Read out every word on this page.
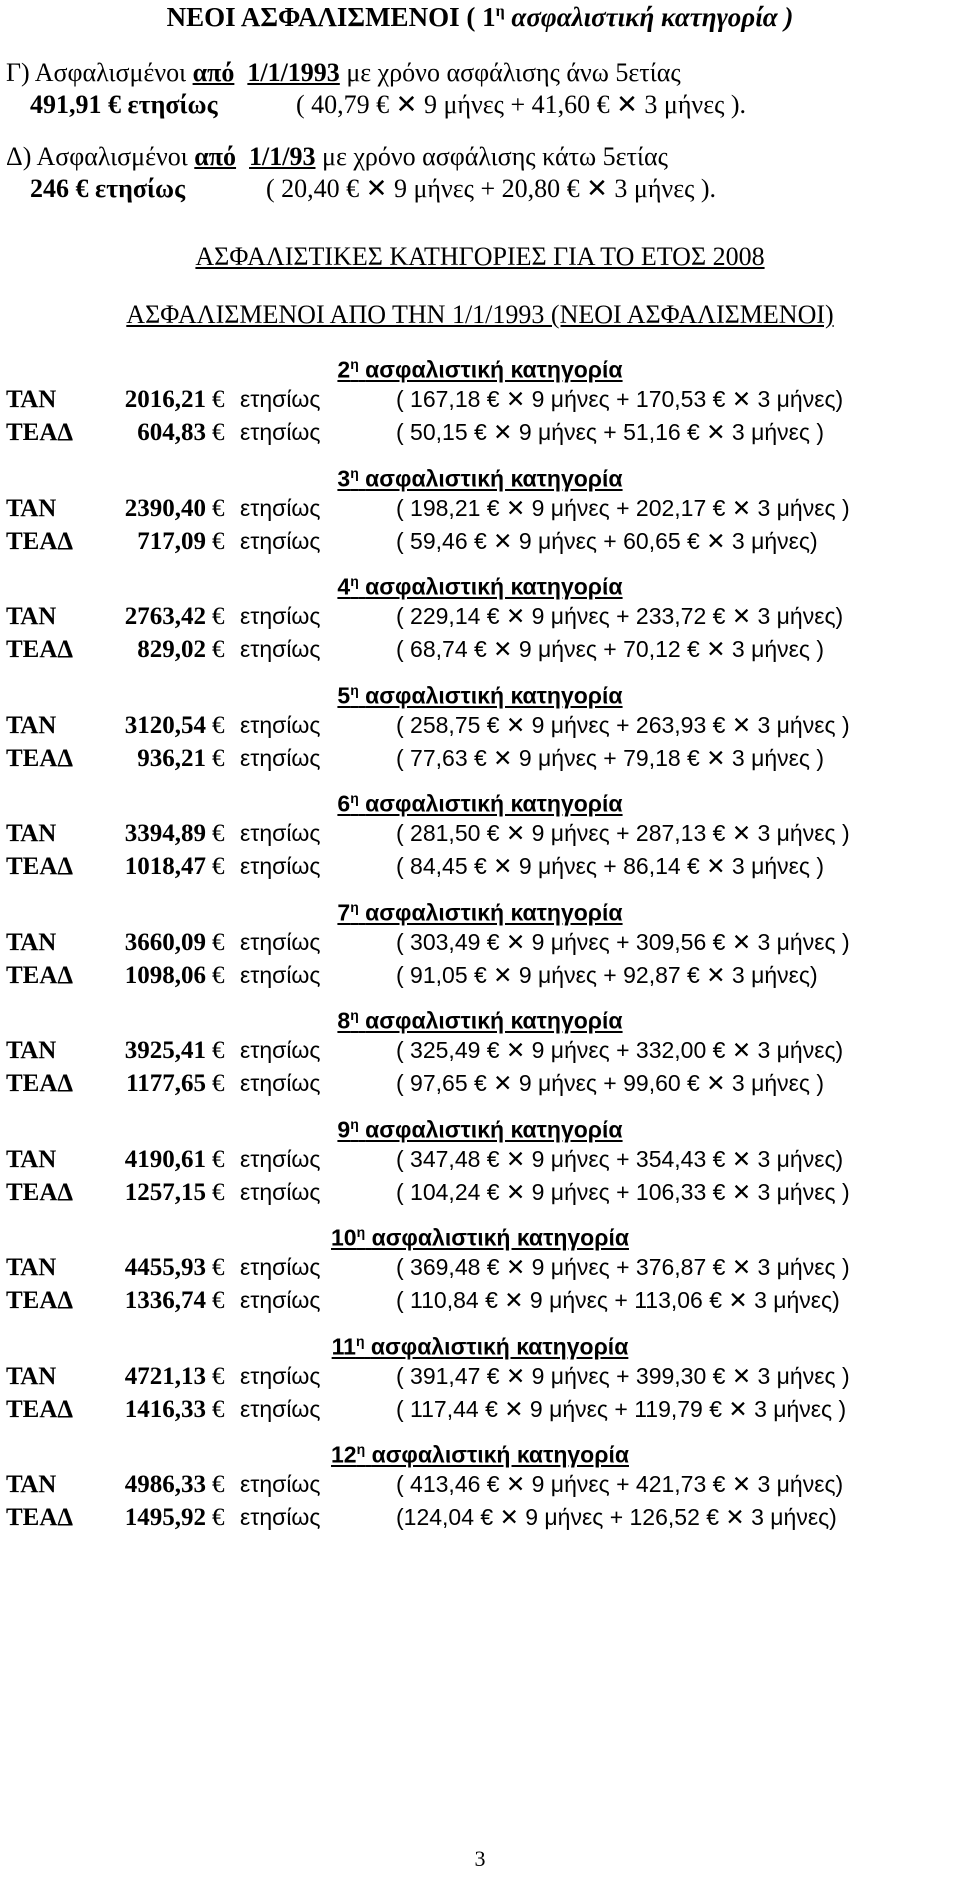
ΝΕΟΙ ΑΣΦΑΛΙΣΜΕΝΟΙ ( $1^\eta$ ασφαλιστική κατηγορία )
Γ) Ασφαλισμένοι από 1/1/1993 με χρόνο ασφάλισης άνω 5ετίας
491,91 € ετησίως	( 40,79 € ✕ 9 μήνες + 41,60 € ✕ 3 μήνες ).
Δ) Ασφαλισμένοι από 1/1/93 με χρόνο ασφάλισης κάτω 5ετίας
246 € ετησίως	( 20,40 € ✕ 9 μήνες + 20,80 € ✕ 3 μήνες ).
ΑΣΦΑΛΙΣΤΙΚΕΣ ΚΑΤΗΓΟΡΙΕΣ ΓΙΑ ΤΟ ΕΤΟΣ 2008
ΑΣΦΑΛΙΣΜΕΝΟΙ ΑΠΟ ΤΗΝ 1/1/1993 (ΝΕΟΙ ΑΣΦΑΛΙΣΜΕΝΟΙ)
$2^\eta$ ασφαλιστική κατηγορία
ΤΑΝ	2016,21 € ετησίως	( 167,18 € ✕ 9 μήνες + 170,53 € ✕ 3 μήνες)
ΤΕΑΔ	604,83 € ετησίως	( 50,15 € ✕ 9 μήνες + 51,16 € ✕ 3 μήνες )
$3^\eta$ ασφαλιστική κατηγορία
ΤΑΝ	2390,40 € ετησίως	( 198,21 € ✕ 9 μήνες + 202,17 € ✕ 3 μήνες )
ΤΕΑΔ	717,09 € ετησίως	( 59,46 € ✕ 9 μήνες + 60,65 € ✕ 3 μήνες)
$4^\eta$ ασφαλιστική κατηγορία
ΤΑΝ	2763,42 € ετησίως	( 229,14 € ✕ 9 μήνες + 233,72 € ✕ 3 μήνες)
ΤΕΑΔ	829,02 € ετησίως	( 68,74 € ✕ 9 μήνες + 70,12 € ✕ 3 μήνες )
$5^\eta$ ασφαλιστική κατηγορία
ΤΑΝ	3120,54 € ετησίως	( 258,75 € ✕ 9 μήνες + 263,93 € ✕ 3 μήνες )
ΤΕΑΔ	936,21 € ετησίως	( 77,63 € ✕ 9 μήνες + 79,18 € ✕ 3 μήνες )
$6^\eta$ ασφαλιστική κατηγορία
ΤΑΝ	3394,89 € ετησίως	( 281,50 € ✕ 9 μήνες + 287,13 € ✕ 3 μήνες )
ΤΕΑΔ	1018,47 € ετησίως	( 84,45 € ✕ 9 μήνες + 86,14 € ✕ 3 μήνες )
$7^\eta$ ασφαλιστική κατηγορία
ΤΑΝ	3660,09 € ετησίως	( 303,49 € ✕ 9 μήνες + 309,56 € ✕ 3 μήνες )
ΤΕΑΔ	1098,06 € ετησίως	( 91,05 € ✕ 9 μήνες + 92,87 € ✕ 3 μήνες)
$8^\eta$ ασφαλιστική κατηγορία
ΤΑΝ	3925,41 € ετησίως	( 325,49 € ✕ 9 μήνες + 332,00 € ✕ 3 μήνες)
ΤΕΑΔ	1177,65 € ετησίως	( 97,65 € ✕ 9 μήνες + 99,60 € ✕ 3 μήνες )
$9^\eta$ ασφαλιστική κατηγορία
ΤΑΝ	4190,61 € ετησίως	( 347,48 € ✕ 9 μήνες + 354,43 € ✕ 3 μήνες)
ΤΕΑΔ	1257,15 € ετησίως	( 104,24 € ✕ 9 μήνες + 106,33 € ✕ 3 μήνες )
$10^\eta$ ασφαλιστική κατηγορία
ΤΑΝ	4455,93 € ετησίως	( 369,48 € ✕ 9 μήνες + 376,87 € ✕ 3 μήνες )
ΤΕΑΔ	1336,74 € ετησίως	( 110,84 € ✕ 9 μήνες + 113,06 € ✕ 3 μήνες)
$11^\eta$ ασφαλιστική κατηγορία
ΤΑΝ	4721,13 € ετησίως	( 391,47 € ✕ 9 μήνες + 399,30 € ✕ 3 μήνες )
ΤΕΑΔ	1416,33 € ετησίως	( 117,44 € ✕ 9 μήνες + 119,79 € ✕ 3 μήνες )
$12^\eta$ ασφαλιστική κατηγορία
ΤΑΝ	4986,33 € ετησίως	( 413,46 € ✕ 9 μήνες + 421,73 € ✕ 3 μήνες)
ΤΕΑΔ	1495,92 € ετησίως	(124,04 € ✕ 9 μήνες + 126,52 € ✕ 3 μήνες)
3
